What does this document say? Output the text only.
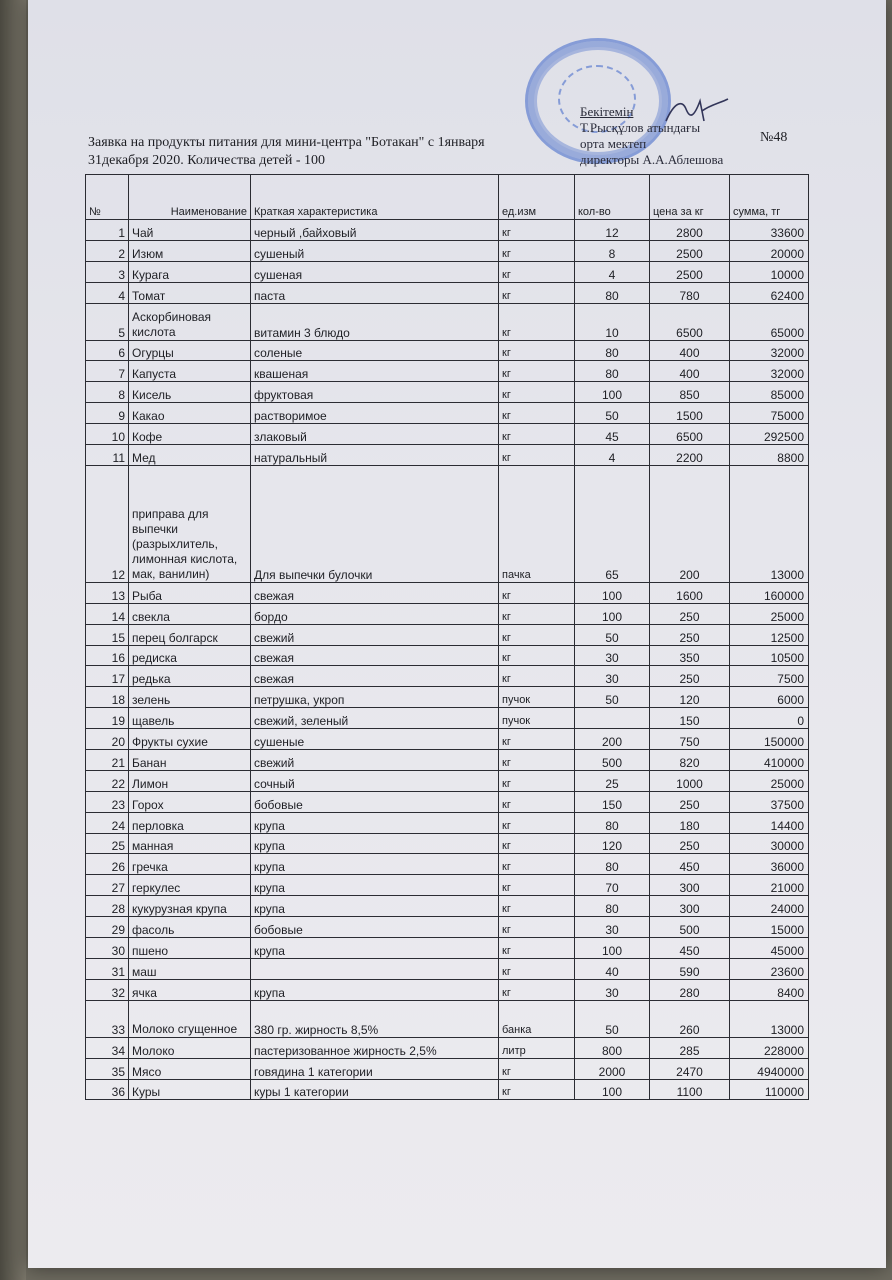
Бекітемін
Т.Рысқұлов атындағы
орта мектеп
директоры А.А.Аблешова
№48
Заявка на продукты питания для мини-центра "Ботакан" с 1января
31декабря 2020. Количества детей - 100
№	Наименование	Краткая характеристика	ед.изм	кол-во	цена за кг	сумма, тг
1	Чай	черный ,байховый	кг	12	2800	33600
2	Изюм	сушеный	кг	8	2500	20000
3	Курага	сушеная	кг	4	2500	10000
4	Томат	паста	кг	80	780	62400
5	Аскорбиновая кислота	витамин 3 блюдо	кг	10	6500	65000
6	Огурцы	соленые	кг	80	400	32000
7	Капуста	квашеная	кг	80	400	32000
8	Кисель	фруктовая	кг	100	850	85000
9	Какао	растворимое	кг	50	1500	75000
10	Кофе	злаковый	кг	45	6500	292500
11	Мед	натуральный	кг	4	2200	8800
12	приправа для выпечки (разрыхлитель, лимонная кислота, мак, ванилин)	Для выпечки булочки	пачка	65	200	13000
13	Рыба	свежая	кг	100	1600	160000
14	свекла	бордо	кг	100	250	25000
15	перец болгарск	свежий	кг	50	250	12500
16	редиска	свежая	кг	30	350	10500
17	редька	свежая	кг	30	250	7500
18	зелень	петрушка, укроп	пучок	50	120	6000
19	щавель	свежий, зеленый	пучок		150	0
20	Фрукты сухие	сушеные	кг	200	750	150000
21	Банан	свежий	кг	500	820	410000
22	Лимон	сочный	кг	25	1000	25000
23	Горох	бобовые	кг	150	250	37500
24	перловка	крупа	кг	80	180	14400
25	манная	крупа	кг	120	250	30000
26	гречка	крупа	кг	80	450	36000
27	геркулес	крупа	кг	70	300	21000
28	кукурузная крупа	крупа	кг	80	300	24000
29	фасоль	бобовые	кг	30	500	15000
30	пшено	крупа	кг	100	450	45000
31	маш		кг	40	590	23600
32	ячка	крупа	кг	30	280	8400
33	Молоко сгущенное	380 гр. жирность 8,5%	банка	50	260	13000
34	Молоко	пастеризованное жирность 2,5%	литр	800	285	228000
35	Мясо	говядина 1 категории	кг	2000	2470	4940000
36	Куры	куры 1 категории	кг	100	1100	110000
